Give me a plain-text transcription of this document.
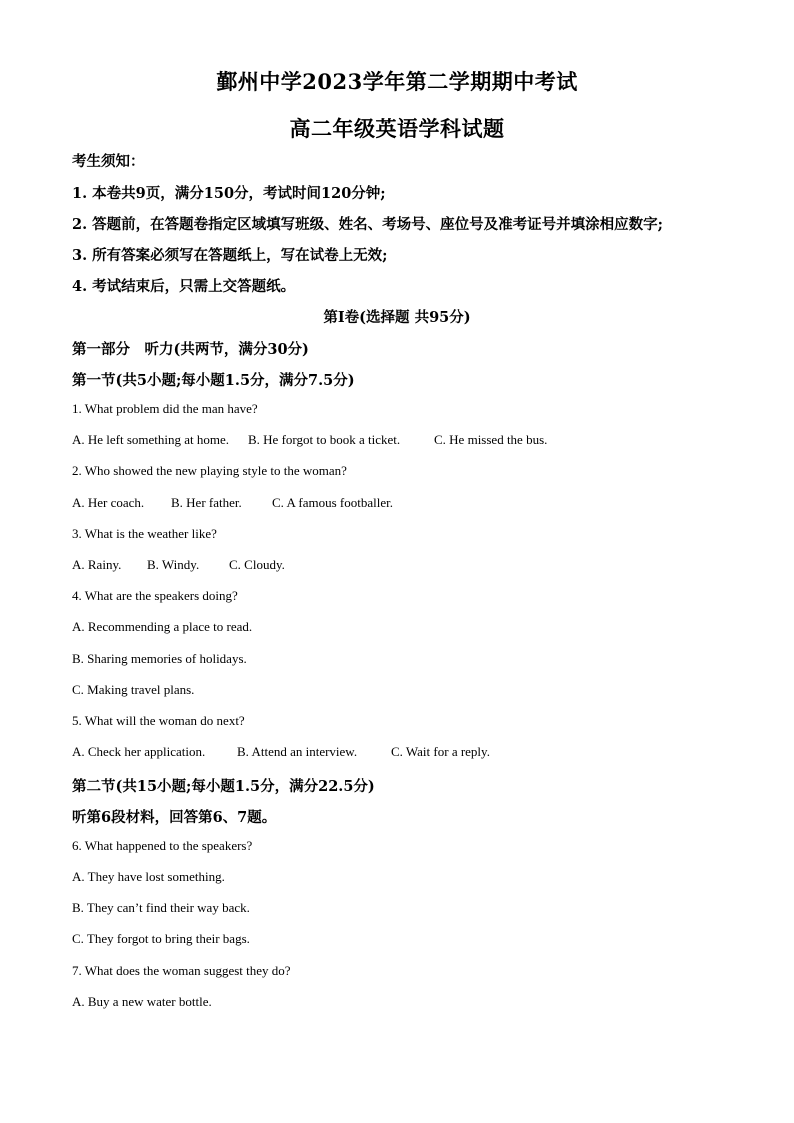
鄞州中学2023学年第二学期期中考试
高二年级英语学科试题
考生须知：
1. 本卷共9页，满分150分，考试时间120分钟;
2. 答题前，在答题卷指定区域填写班级、姓名、考场号、座位号及准考证号并填涂相应数字;
3. 所有答案必须写在答题纸上，写在试卷上无效;
4. 考试结束后，只需上交答题纸。
第Ⅰ卷(选择题 共95分)
第一部分　听力(共两节，满分30分)
第一节(共5小题;每小题1.5分，满分7.5分)
1. What problem did the man have?
A. He left something at home. B. He forgot to book a ticket.	C. He missed the bus.
2. Who showed the new playing style to the woman?
A. Her coach. B. Her father. C. A famous footballer.
3. What is the weather like?
A. Rainy. B. Windy. C. Cloudy.
4. What are the speakers doing?
A. Recommending a place to read.
B. Sharing memories of holidays.
C. Making travel plans.
5. What will the woman do next?
A. Check her application. B. Attend an interview.	C. Wait for a reply.
第二节(共15小题;每小题1.5分，满分22.5分)
听第6段材料，回答第6、7题。
6. What happened to the speakers?
A. They have lost something.
B. They can’t find their way back.
C. They forgot to bring their bags.
7. What does the woman suggest they do?
A. Buy a new water bottle.
